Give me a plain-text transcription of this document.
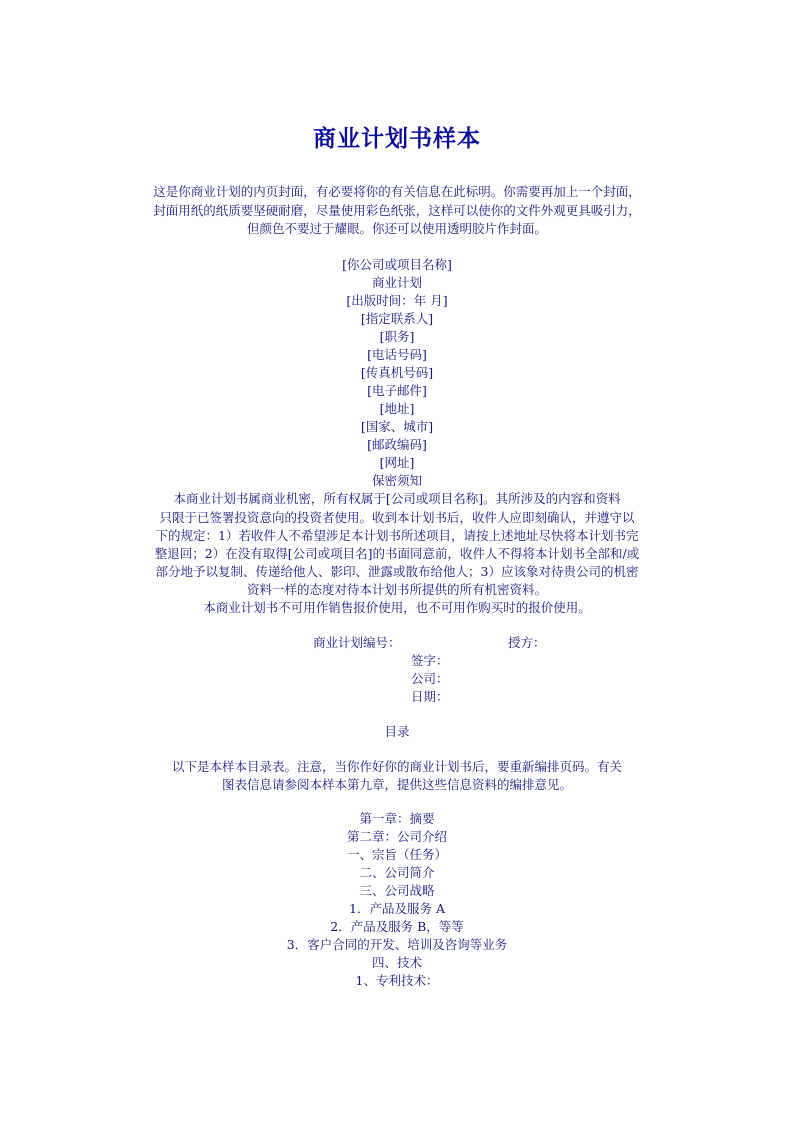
商业计划书样本
这是你商业计划的内页封面，有必要将你的有关信息在此标明。你需要再加上一个封面，
封面用纸的纸质要坚硬耐磨，尽量使用彩色纸张，这样可以使你的文件外观更具吸引力，
但颜色不要过于耀眼。你还可以使用透明胶片作封面。
[你公司或项目名称]
商业计划
[出版时间：年 月]
[指定联系人]
[职务]
[电话号码]
[传真机号码]
[电子邮件]
[地址]
[国家、城市]
[邮政编码]
[网址]
保密须知
本商业计划书属商业机密，所有权属于[公司或项目名称]。其所涉及的内容和资料
只限于已签署投资意向的投资者使用。收到本计划书后，收件人应即刻确认，并遵守以
下的规定：1）若收件人不希望涉足本计划书所述项目，请按上述地址尽快将本计划书完
整退回；2）在没有取得[公司或项目名]的书面同意前，收件人不得将本计划书全部和/或
部分地予以复制、传递给他人、影印、泄露或散布给他人；3）应该象对待贵公司的机密
资料一样的态度对待本计划书所提供的所有机密资料。
本商业计划书不可用作销售报价使用，也不可用作购买时的报价使用。
商业计划编号：	授方：
签字：
公司：
日期：
目录
以下是本样本目录表。注意，当你作好你的商业计划书后，要重新编排页码。有关
图表信息请参阅本样本第九章，提供这些信息资料的编排意见。
第一章：摘要
第二章：公司介绍
一、宗旨（任务）
二、公司简介
三、公司战略
1．产品及服务 A
2．产品及服务 B，等等
3．客户合同的开发、培训及咨询等业务
四、技术
1、专利技术：
